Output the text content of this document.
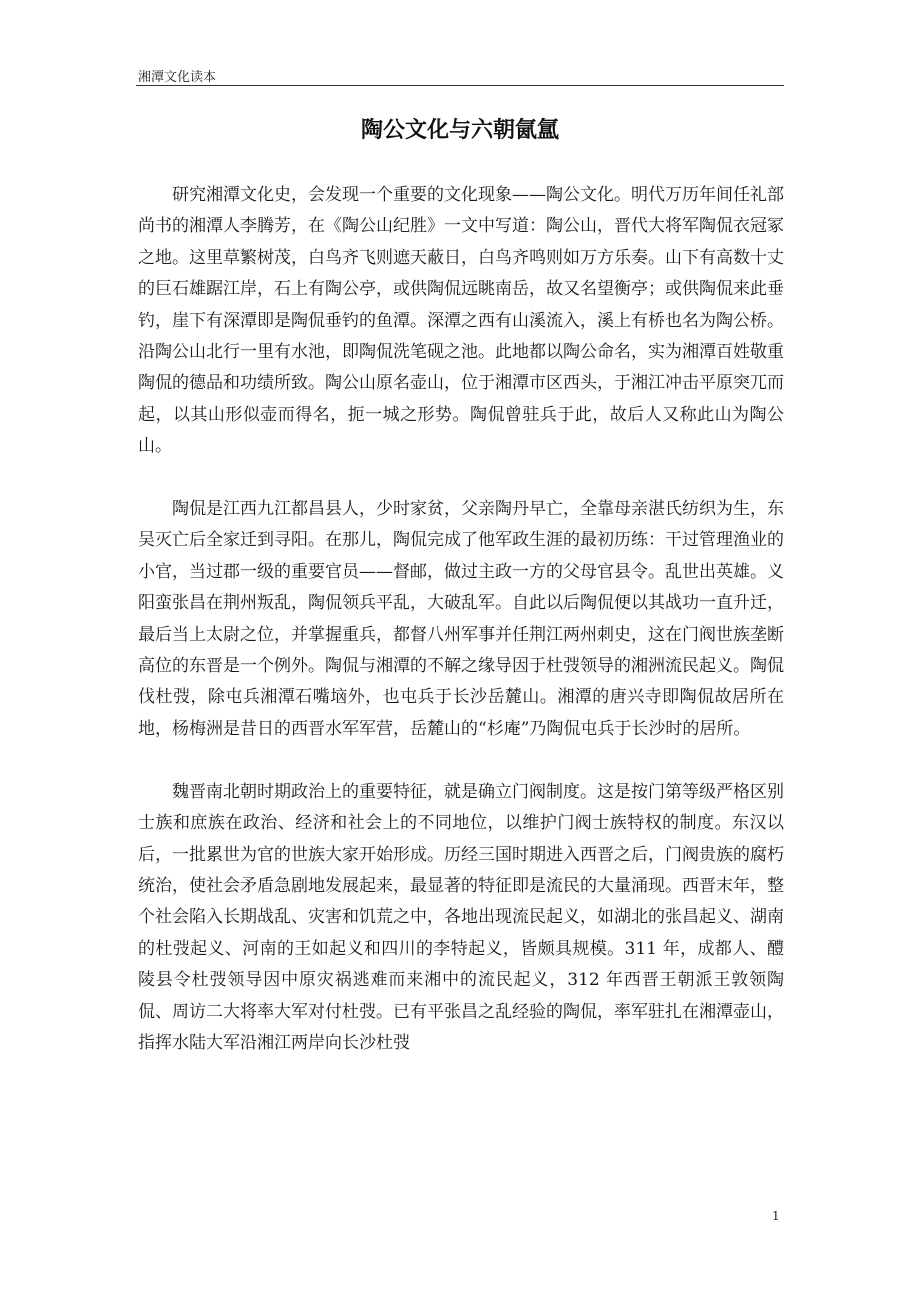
湘潭文化读本
陶公文化与六朝氤氲

研究湘潭文化史，会发现一个重要的文化现象——陶公文化。明代万历年间任礼部尚书的湘潭人李腾芳，在《陶公山纪胜》一文中写道：陶公山，晋代大将军陶侃衣冠冢之地。这里草繁树茂，白鸟齐飞则遮天蔽日，白鸟齐鸣则如万方乐奏。山下有高数十丈的巨石雄踞江岸，石上有陶公亭，或供陶侃远眺南岳，故又名望衡亭；或供陶侃来此垂钓，崖下有深潭即是陶侃垂钓的鱼潭。深潭之西有山溪流入，溪上有桥也名为陶公桥。沿陶公山北行一里有水池，即陶侃洗笔砚之池。此地都以陶公命名，实为湘潭百姓敬重陶侃的德品和功绩所致。陶公山原名壶山，位于湘潭市区西头，于湘江冲击平原突兀而起，以其山形似壶而得名，扼一城之形势。陶侃曾驻兵于此，故后人又称此山为陶公山。

陶侃是江西九江都昌县人，少时家贫，父亲陶丹早亡，全靠母亲湛氏纺织为生，东吴灭亡后全家迁到寻阳。在那儿，陶侃完成了他军政生涯的最初历练：干过管理渔业的小官，当过郡一级的重要官员——督邮，做过主政一方的父母官县令。乱世出英雄。义阳蛮张昌在荆州叛乱，陶侃领兵平乱，大破乱军。自此以后陶侃便以其战功一直升迁，最后当上太尉之位，并掌握重兵，都督八州军事并任荆江两州刺史，这在门阀世族垄断高位的东晋是一个例外。陶侃与湘潭的不解之缘导因于杜弢领导的湘洲流民起义。陶侃伐杜弢，除屯兵湘潭石嘴垴外，也屯兵于长沙岳麓山。湘潭的唐兴寺即陶侃故居所在地，杨梅洲是昔日的西晋水军军营，岳麓山的“杉庵”乃陶侃屯兵于长沙时的居所。

魏晋南北朝时期政治上的重要特征，就是确立门阀制度。这是按门第等级严格区别士族和庶族在政治、经济和社会上的不同地位，以维护门阀士族特权的制度。东汉以后，一批累世为官的世族大家开始形成。历经三国时期进入西晋之后，门阀贵族的腐朽统治，使社会矛盾急剧地发展起来，最显著的特征即是流民的大量涌现。西晋末年，整个社会陷入长期战乱、灾害和饥荒之中，各地出现流民起义，如湖北的张昌起义、湖南的杜弢起义、河南的王如起义和四川的李特起义，皆颇具规模。311 年，成都人、醴陵县令杜弢领导因中原灾祸逃难而来湘中的流民起义，312 年西晋王朝派王敦领陶侃、周访二大将率大军对付杜弢。已有平张昌之乱经验的陶侃，率军驻扎在湘潭壶山，指挥水陆大军沿湘江两岸向长沙杜弢

1
